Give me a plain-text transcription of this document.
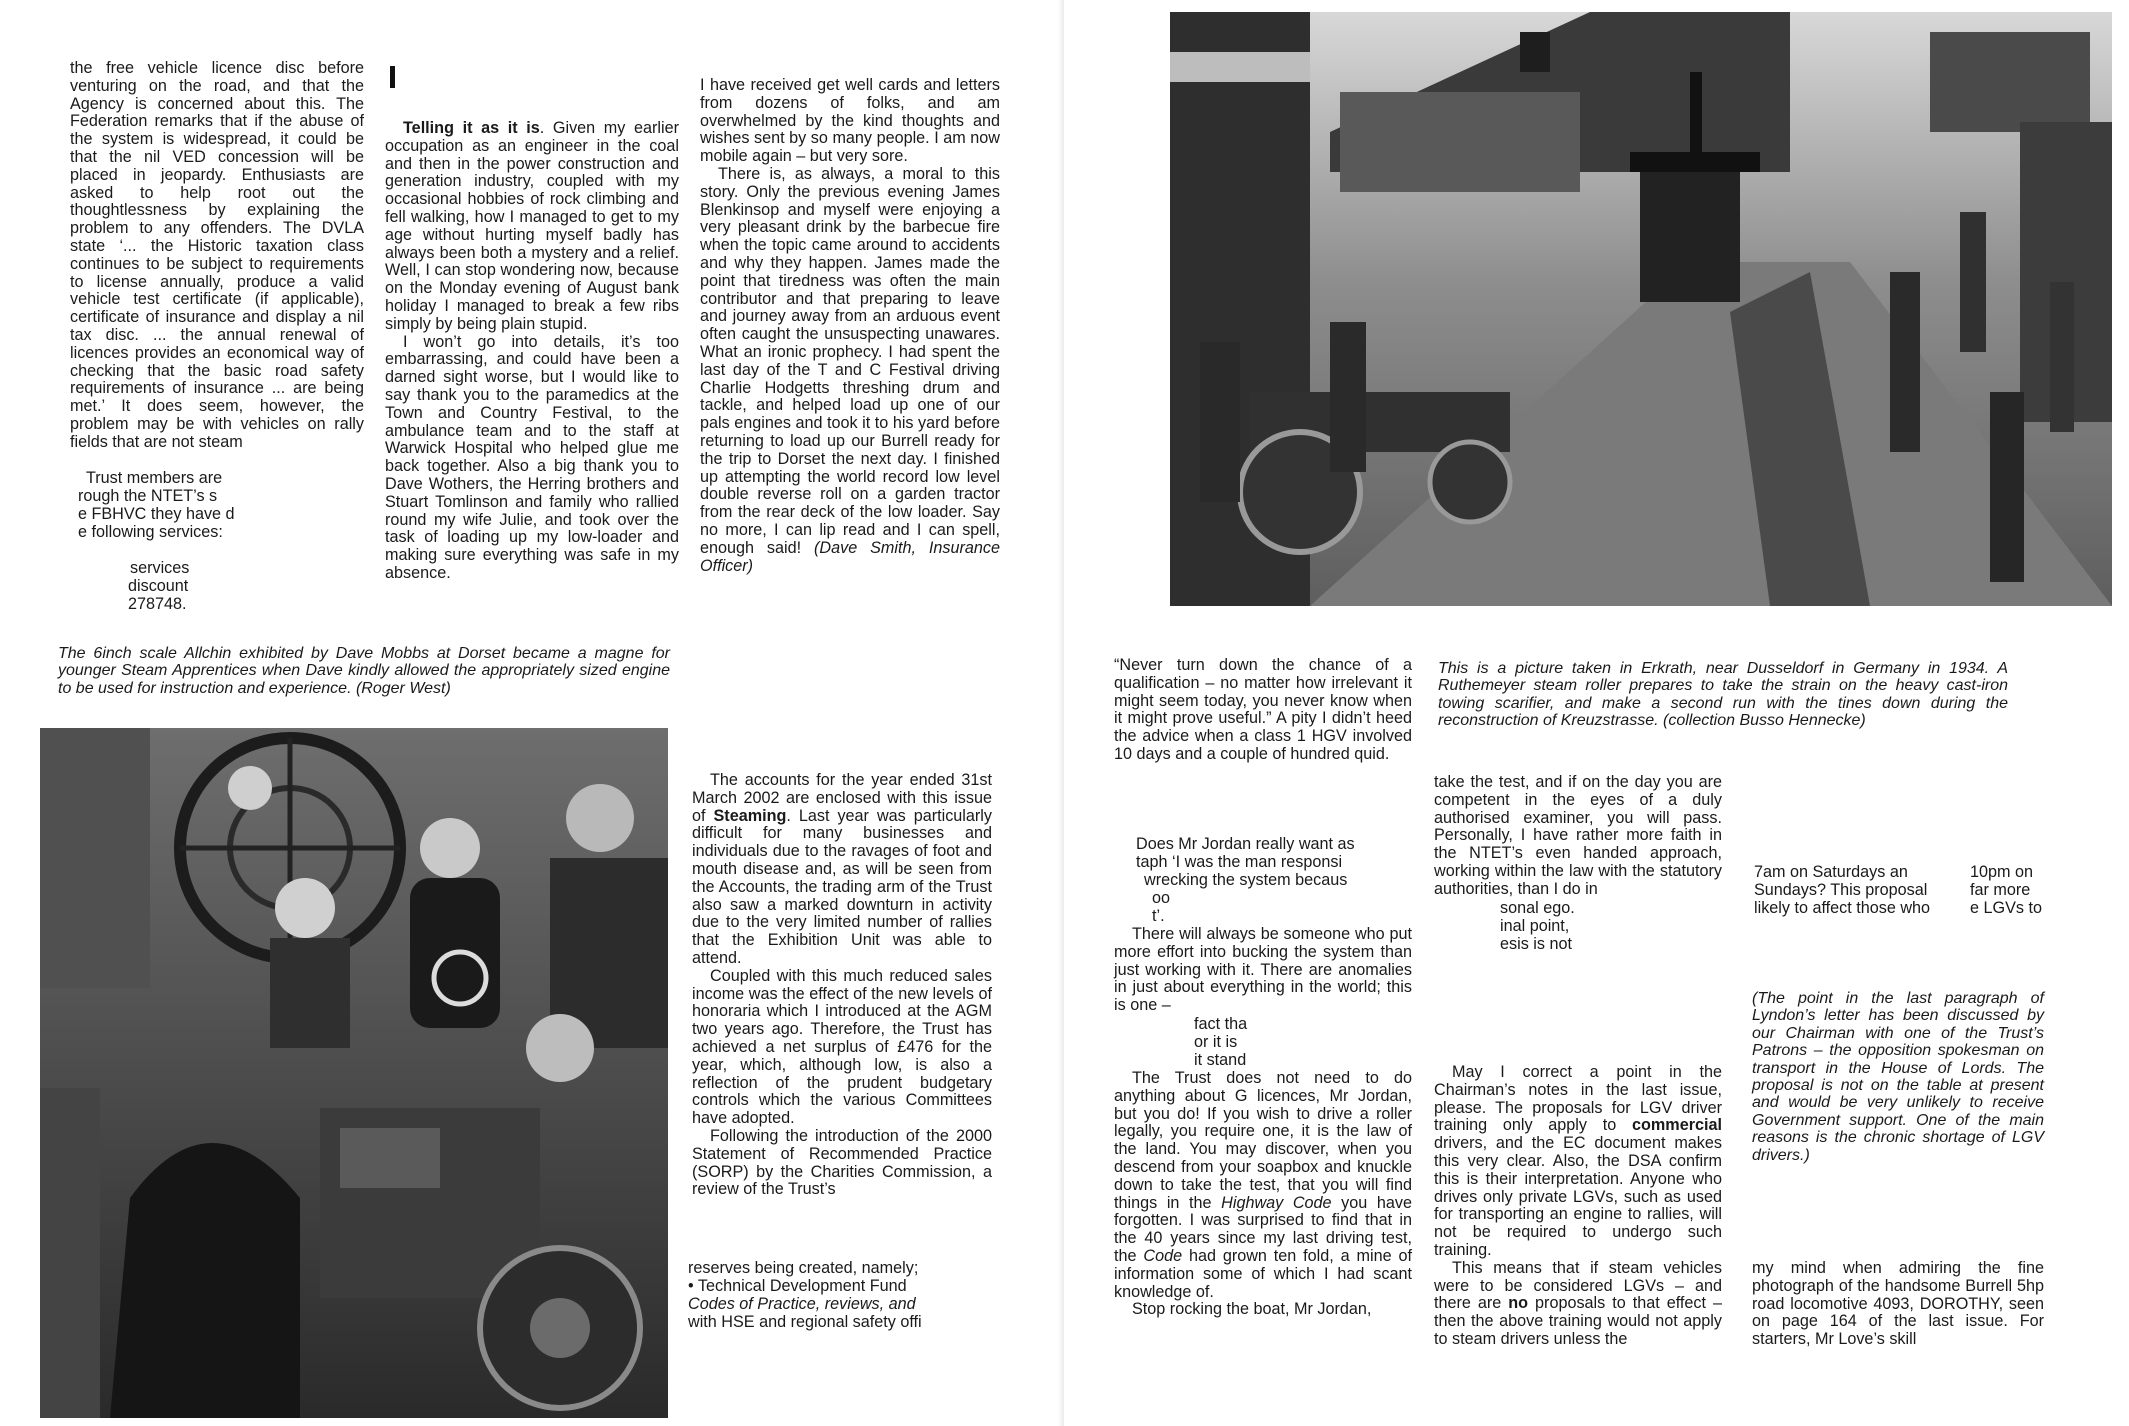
the free vehicle licence disc before venturing on the road, and that the Agency is concerned about this. The Federation remarks that if the abuse of the system is widespread, it could be that the nil VED concession will be placed in jeopardy. Enthusiasts are asked to help root out the thoughtlessness by explaining the problem to any offenders. The DVLA state ‘... the Historic taxation class continues to be subject to requirements to license annually, produce a valid vehicle test certificate (if applicable), certificate of insurance and display a nil tax disc. ... the annual renewal of licences provides an economical way of checking that the basic road safety requirements of insurance ... are being met.’ It does seem, however, the problem may be with vehicles on rally fields that are not steam

Trust members are
rough the NTET’s s
e FBHVC they have d
e following services:
services
discount
278748.

Telling it as it is. Given my earlier occupation as an engineer in the coal and then in the power construction and generation industry, coupled with my occasional hobbies of rock climbing and fell walking, how I managed to get to my age without hurting myself badly has always been both a mystery and a relief. Well, I can stop wondering now, because on the Monday evening of August bank holiday I managed to break a few ribs simply by being plain stupid.

I won’t go into details, it’s too embarrassing, and could have been a darned sight worse, but I would like to say thank you to the paramedics at the Town and Country Festival, to the ambulance team and to the staff at Warwick Hospital who helped glue me back together. Also a big thank you to Dave Wothers, the Herring brothers and Stuart Tomlinson and family who rallied round my wife Julie, and took over the task of loading up my low-loader and making sure everything was safe in my absence.

I have received get well cards and letters from dozens of folks, and am overwhelmed by the kind thoughts and wishes sent by so many people. I am now mobile again – but very sore.

There is, as always, a moral to this story. Only the previous evening James Blenkinsop and myself were enjoying a very pleasant drink by the barbecue fire when the topic came around to accidents and why they happen. James made the point that tiredness was often the main contributor and that preparing to leave and journey away from an arduous event often caught the unsuspecting unawares. What an ironic prophecy. I had spent the last day of the T and C Festival driving Charlie Hodgetts threshing drum and tackle, and helped load up one of our pals engines and took it to his yard before returning to load up our Burrell ready for the trip to Dorset the next day. I finished up attempting the world record low level double reverse roll on a garden tractor from the rear deck of the low loader. Say no more, I can lip read and I can spell, enough said! (Dave Smith, Insurance Officer)

The 6inch scale Allchin exhibited by Dave Mobbs at Dorset became a magne for younger Steam Apprentices when Dave kindly allowed the appropriately sized engine to be used for instruction and experience. (Roger West)

The accounts for the year ended 31st March 2002 are enclosed with this issue of Steaming. Last year was particularly difficult for many businesses and individuals due to the ravages of foot and mouth disease and, as will be seen from the Accounts, the trading arm of the Trust also saw a marked downturn in activity due to the very limited number of rallies that the Exhibition Unit was able to attend.

Coupled with this much reduced sales income was the effect of the new levels of honoraria which I introduced at the AGM two years ago. Therefore, the Trust has achieved a net surplus of £476 for the year, which, although low, is also a reflection of the prudent budgetary controls which the various Committees have adopted.

Following the introduction of the 2000 Statement of Recommended Practice (SORP) by the Charities Commission, a review of the Trust’s

reserves being created, namely;
• Technical Development Fund
Codes of Practice, reviews, and
with HSE and regional safety offi
This is a picture taken in Erkrath, near Dusseldorf in Germany in 1934. A Ruthemeyer steam roller prepares to take the strain on the heavy cast-iron towing scarifier, and make a second run with the tines down during the reconstruction of Kreuzstrasse. (collection Busso Hennecke)

“Never turn down the chance of a qualification – no matter how irrelevant it might seem today, you never know when it might prove useful.” A pity I didn’t heed the advice when a class 1 HGV involved 10 days and a couple of hundred quid.

Does Mr Jordan really want as
taph ‘I was the man responsi
wrecking the system becaus
oo
t’.

There will always be someone who put more effort into bucking the system than just working with it. There are anomalies in just about everything in the world; this is one –

fact tha
or it is
it stand

The Trust does not need to do anything about G licences, Mr Jordan, but you do! If you wish to drive a roller legally, you require one, it is the law of the land. You may discover, when you descend from your soapbox and knuckle down to take the test, that you will find things in the Highway Code you have forgotten. I was surprised to find that in the 40 years since my last driving test, the Code had grown ten fold, a mine of information some of which I had scant knowledge of.

Stop rocking the boat, Mr Jordan,

take the test, and if on the day you are competent in the eyes of a duly authorised examiner, you will pass. Personally, I have rather more faith in the NTET’s even handed approach, working within the law with the statutory authorities, than I do in

sonal ego.
inal point,
esis is not

May I correct a point in the Chairman’s notes in the last issue, please. The proposals for LGV driver training only apply to commercial drivers, and the EC document makes this very clear. Also, the DSA confirm this is their interpretation. Anyone who drives only private LGVs, such as used for transporting an engine to rallies, will not be required to undergo such training.

This means that if steam vehicles were to be considered LGVs – and there are no proposals to that effect – then the above training would not apply to steam drivers unless the

7am on Saturdays an	10pm on
Sundays? This proposal	far more
likely to affect those who e LGVs to
(The point in the last paragraph of Lyndon’s letter has been discussed by our Chairman with one of the Trust’s Patrons – the opposition spokesman on transport in the House of Lords. The proposal is not on the table at present and would be very unlikely to receive Government support. One of the main reasons is the chronic shortage of LGV drivers.)

my mind when admiring the fine photograph of the handsome Burrell 5hp road locomotive 4093, DOROTHY, seen on page 164 of the last issue. For starters, Mr Love’s skill
